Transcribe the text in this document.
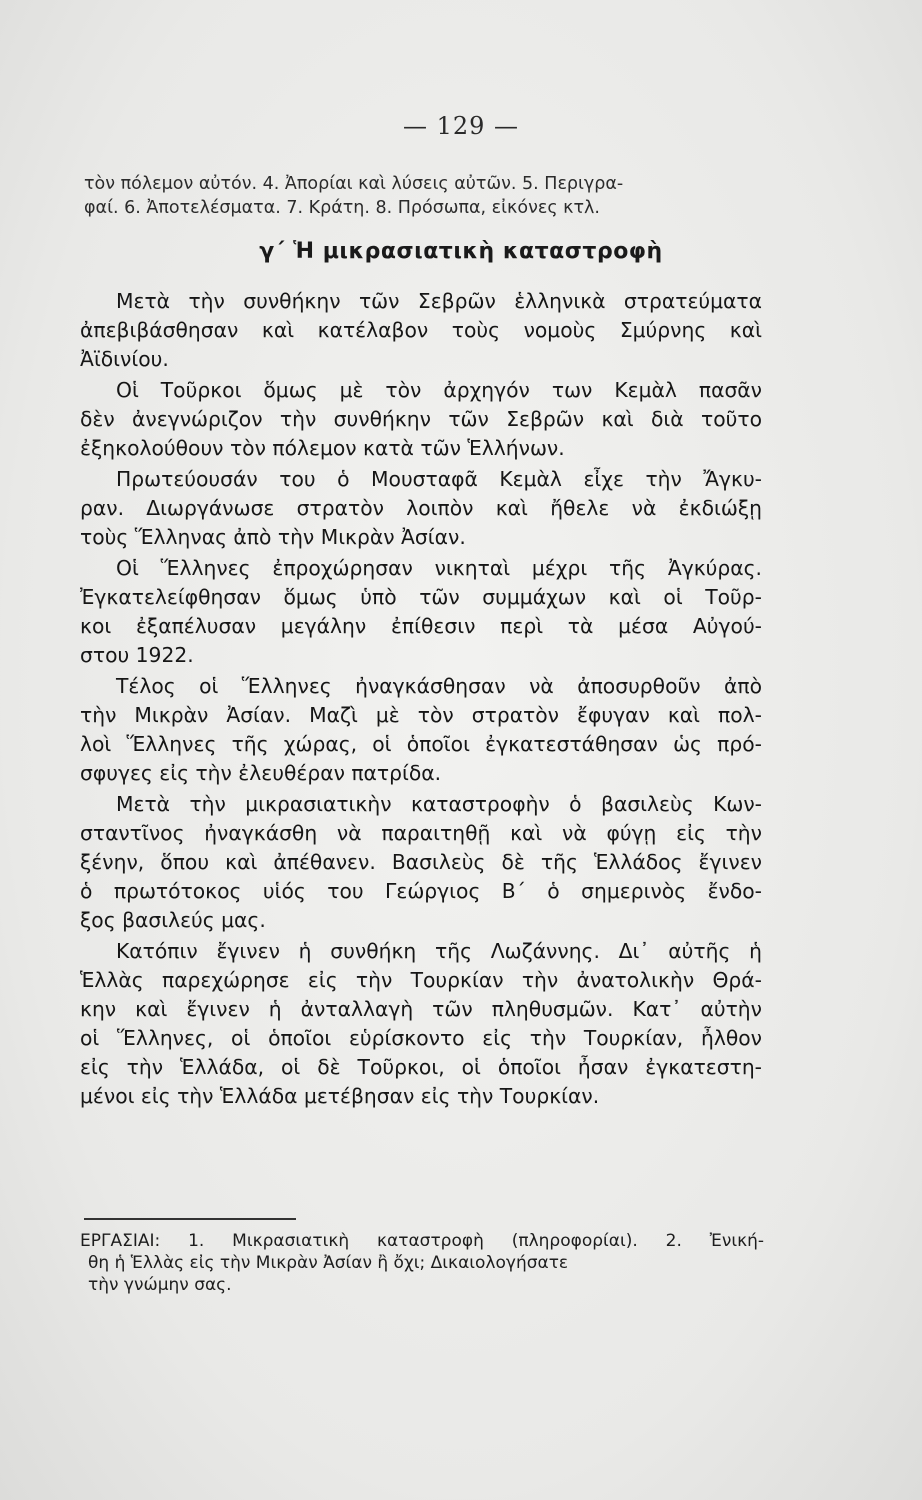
— 129 —
τὸν πόλεμον αὐτόν. 4. Ἀπορίαι καὶ λύσεις αὐτῶν. 5. Περιγρα-
φαί. 6. Ἀποτελέσματα. 7. Κράτη. 8. Πρόσωπα, εἰκόνες κτλ.
γ΄ Ἡ μικρασιατικὴ καταστροφὴ
Μετὰ τὴν συνθήκην τῶν Σεβρῶν ἑλληνικὰ στρατεύματα
ἀπεβιβάσθησαν καὶ κατέλαβον τοὺς νομοὺς Σμύρνης καὶ
Ἀϊδινίου.
Οἱ Τοῦρκοι ὅμως μὲ τὸν ἀρχηγόν των Κεμὰλ πασᾶν
δὲν ἀνεγνώριζον τὴν συνθήκην τῶν Σεβρῶν καὶ διὰ τοῦτο
ἐξηκολούθουν τὸν πόλεμον κατὰ τῶν Ἑλλήνων.
Πρωτεύουσάν του ὁ Μουσταφᾶ Κεμὰλ εἶχε τὴν Ἄγκυ-
ραν. Διωργάνωσε στρατὸν λοιπὸν καὶ ἤθελε νὰ ἐκδιώξῃ
τοὺς Ἕλληνας ἀπὸ τὴν Μικρὰν Ἀσίαν.
Οἱ Ἕλληνες ἐπροχώρησαν νικηταὶ μέχρι τῆς Ἀγκύρας.
Ἐγκατελείφθησαν ὅμως ὑπὸ τῶν συμμάχων καὶ οἱ Τοῦρ-
κοι ἐξαπέλυσαν μεγάλην ἐπίθεσιν περὶ τὰ μέσα Αὐγού-
στου 1922.
Τέλος οἱ Ἕλληνες ἠναγκάσθησαν νὰ ἀποσυρθοῦν ἀπὸ
τὴν Μικρὰν Ἀσίαν. Μαζὶ μὲ τὸν στρατὸν ἔφυγαν καὶ πολ-
λοὶ Ἕλληνες τῆς χώρας, οἱ ὁποῖοι ἐγκατεστάθησαν ὡς πρό-
σφυγες εἰς τὴν ἐλευθέραν πατρίδα.
Μετὰ τὴν μικρασιατικὴν καταστροφὴν ὁ βασιλεὺς Κων-
σταντῖνος ἠναγκάσθη νὰ παραιτηθῇ καὶ νὰ φύγῃ εἰς τὴν
ξένην, ὅπου καὶ ἀπέθανεν. Βασιλεὺς δὲ τῆς Ἑλλάδος ἔγινεν
ὁ πρωτότοκος υἱός του Γεώργιος Β΄ ὁ σημερινὸς ἔνδο-
ξος βασιλεύς μας.
Κατόπιν ἔγινεν ἡ συνθήκη τῆς Λωζάννης. Δι᾽ αὐτῆς ἡ
Ἑλλὰς παρεχώρησε εἰς τὴν Τουρκίαν τὴν ἀνατολικὴν Θρά-
κην καὶ ἔγινεν ἡ ἀνταλλαγὴ τῶν πληθυσμῶν. Κατ᾽ αὐτὴν
οἱ Ἕλληνες, οἱ ὁποῖοι εὑρίσκοντο εἰς τὴν Τουρκίαν, ἦλθον
εἰς τὴν Ἑλλάδα, οἱ δὲ Τοῦρκοι, οἱ ὁποῖοι ἦσαν ἐγκατεστη-
μένοι εἰς τὴν Ἑλλάδα μετέβησαν εἰς τὴν Τουρκίαν.
ΕΡΓΑΣΙΑΙ: 1. Μικρασιατικὴ καταστροφὴ (πληροφορίαι). 2. Ἐνική-
θη ἡ Ἑλλὰς εἰς τὴν Μικρὰν Ἀσίαν ἢ ὄχι; Δικαιολογήσατε
τὴν γνώμην σας.
